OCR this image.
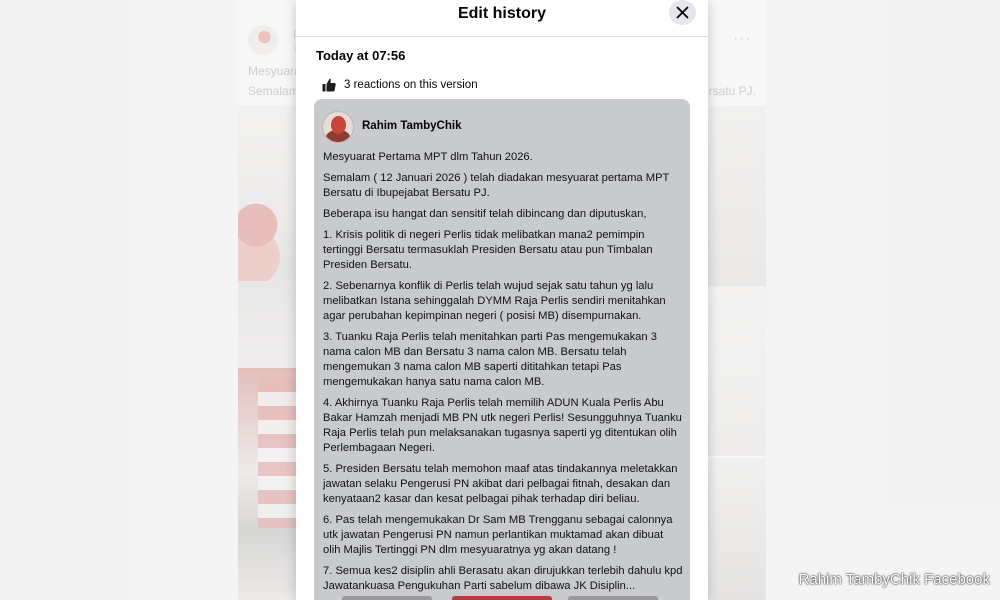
Edit history
Today at 07:56
3 reactions on this version
Rahim TambyChik

Mesyuarat Pertama MPT dlm Tahun 2026.

Semalam ( 12 Januari 2026 ) telah diadakan mesyuarat pertama MPT Bersatu di Ibupejabat Bersatu PJ.

Beberapa isu hangat dan sensitif telah dibincang dan diputuskan,

1. Krisis politik di negeri Perlis tidak melibatkan mana2 pemimpin tertinggi Bersatu termasuklah Presiden Bersatu atau pun Timbalan Presiden Bersatu.

2. Sebenarnya konflik di Perlis telah wujud sejak satu tahun yg lalu melibatkan Istana sehinggalah DYMM Raja Perlis sendiri menitahkan agar perubahan kepimpinan negeri ( posisi MB) disempurnakan.

3. Tuanku Raja Perlis telah menitahkan parti Pas mengemukakan 3 nama calon MB dan Bersatu 3 nama calon MB. Bersatu telah mengemukan 3 nama calon MB saperti dititahkan tetapi Pas mengemukakan hanya satu nama calon MB.

4. Akhirnya Tuanku Raja Perlis telah memilih ADUN Kuala Perlis Abu Bakar Hamzah menjadi MB PN utk negeri Perlis! Sesungguhnya Tuanku Raja Perlis telah pun melaksanakan tugasnya saperti yg ditentukan olih Perlembagaan Negeri.

5. Presiden Bersatu telah memohon maaf atas tindakannya meletakkan jawatan selaku Pengerusi PN akibat dari pelbagai fitnah, desakan dan kenyataan2 kasar dan kesat pelbagai pihak terhadap diri beliau.

6. Pas telah mengemukakan Dr Sam MB Trengganu sebagai calonnya utk jawatan Pengerusi PN namun perlantikan muktamad akan dibuat olih Majlis Tertinggi PN dlm mesyuaratnya yg akan datang !

7. Semua kes2 disiplin ahli Berasatu akan dirujukkan terlebih dahulu kpd Jawatankuasa Pengukuhan Parti sabelum dibawa JK Disiplin...	Rahim TambyChik Facebook
